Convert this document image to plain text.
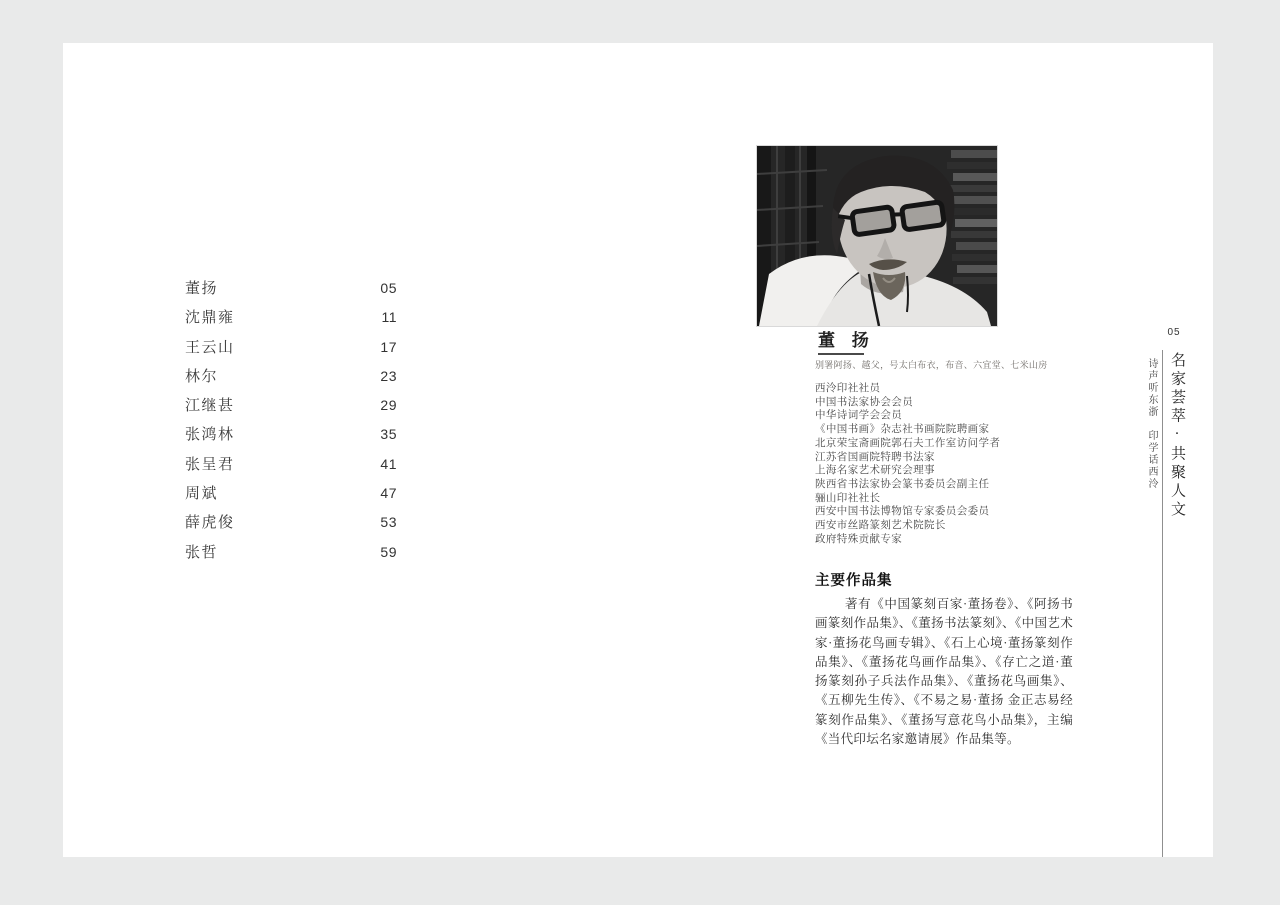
董扬	05
沈鼎雍	11
王云山	17
林尔	23
江继甚	29
张鸿林	35
张呈君	41
周斌	47
薛虎俊	53
张哲	59
董 扬
别署阿扬、越父，号太白布衣，布音、六宜堂、七米山房
西泠印社社员
中国书法家协会会员
中华诗词学会会员
《中国书画》杂志社书画院院聘画家
北京荣宝斋画院郭石夫工作室访问学者
江苏省国画院特聘书法家
上海名家艺术研究会理事
陕西省书法家协会篆书委员会副主任
骊山印社社长
西安中国书法博物馆专家委员会委员
西安市丝路篆刻艺术院院长
政府特殊贡献专家
主要作品集
著有《中国篆刻百家·董扬卷》、《阿扬书画篆刻作品集》、《董扬书法篆刻》、《中国艺术家·董扬花鸟画专辑》、《石上心境·董扬篆刻作品集》、《董扬花鸟画作品集》、《存亡之道·董扬篆刻孙子兵法作品集》、《董扬花鸟画集》、《五柳先生传》、《不易之易·董扬 金正志易经篆刻作品集》、《董扬写意花鸟小品集》，主编《当代印坛名家邀请展》作品集等。
05
名家荟萃·共聚人文
诗声听东浙　印学话西泠
